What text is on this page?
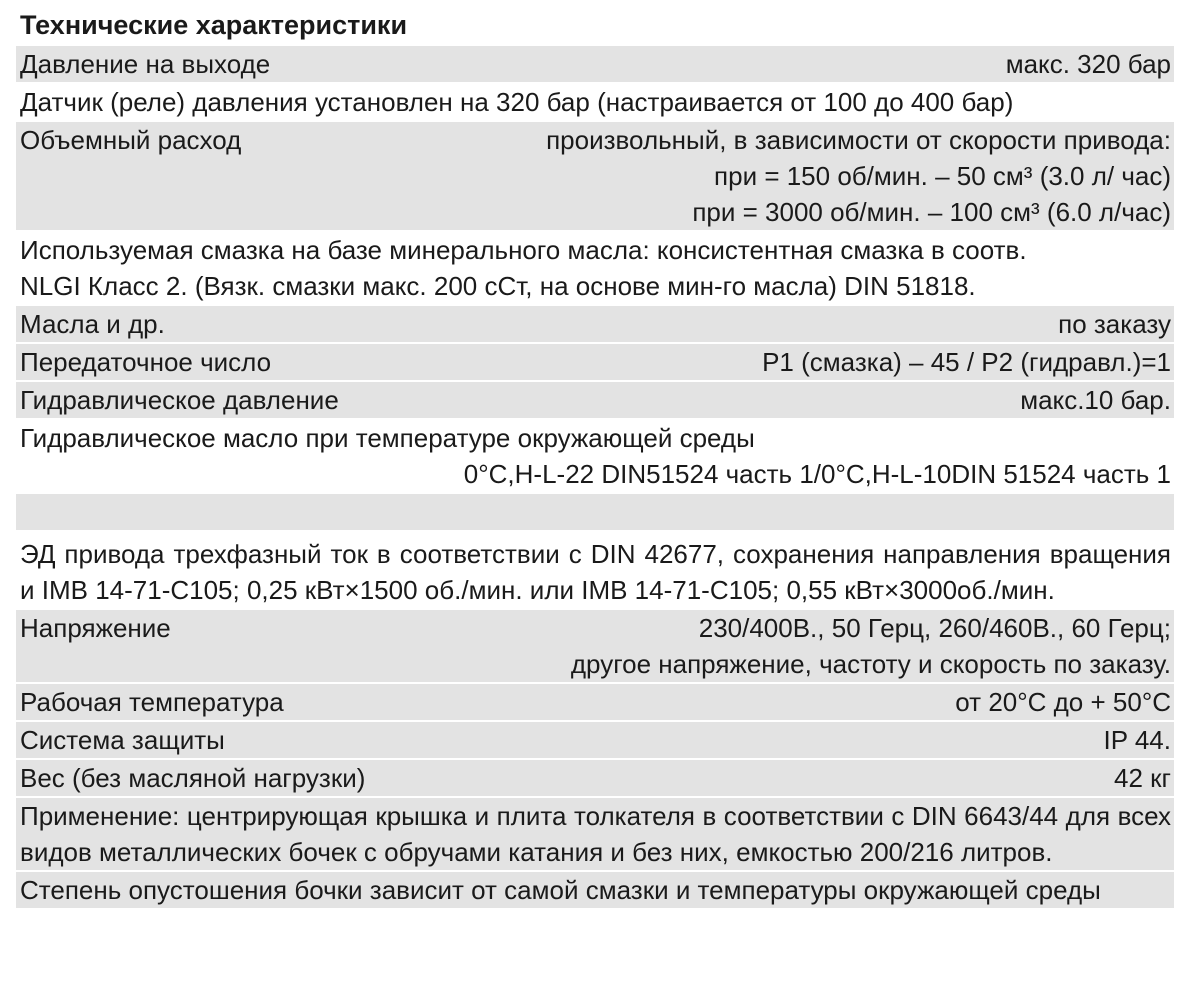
Технические характеристики
Давление на выходе	макс. 320 бар
Датчик (реле) давления установлен на 320 бар (настраивается от 100 до 400 бар)
Объемный расход	произвольный, в зависимости от скорости привода:
при = 150 об/мин. – 50 см³ (3.0 л/ час)
при = 3000 об/мин. – 100 см³ (6.0 л/час)
Используемая смазка на базе минерального масла: консистентная смазка в соотв.
NLGI Класс 2. (Вязк. смазки макс. 200 сСт, на основе мин-го масла) DIN 51818.
Масла и др.	по заказу
Передаточное число	P1 (смазка) – 45 / P2 (гидравл.)=1
Гидравлическое давление	макс.10 бар.
Гидравлическое масло при температуре окружающей среды
0°C,H-L-22 DIN51524 часть 1/0°C,H-L-10DIN 51524 часть 1
ЭД привода трехфазный ток в соответствии с DIN 42677, сохранения направления вращения и IMB 14-71-C105; 0,25 кВт×1500 об./мин. или IMB 14-71-C105; 0,55 кВт×3000об./мин.
Напряжение	230/400В., 50 Герц, 260/460В., 60 Герц;
другое напряжение, частоту и скорость по заказу.
Рабочая температура	от 20°C до + 50°C
Система защиты	IP 44.
Вес (без масляной нагрузки)	42 кг
Применение: центрирующая крышка и плита толкателя в соответствии с DIN 6643/44 для всех видов металлических бочек с обручами катания и без них, емкостью 200/216 литров.
Степень опустошения бочки зависит от самой смазки и температуры окружающей среды
